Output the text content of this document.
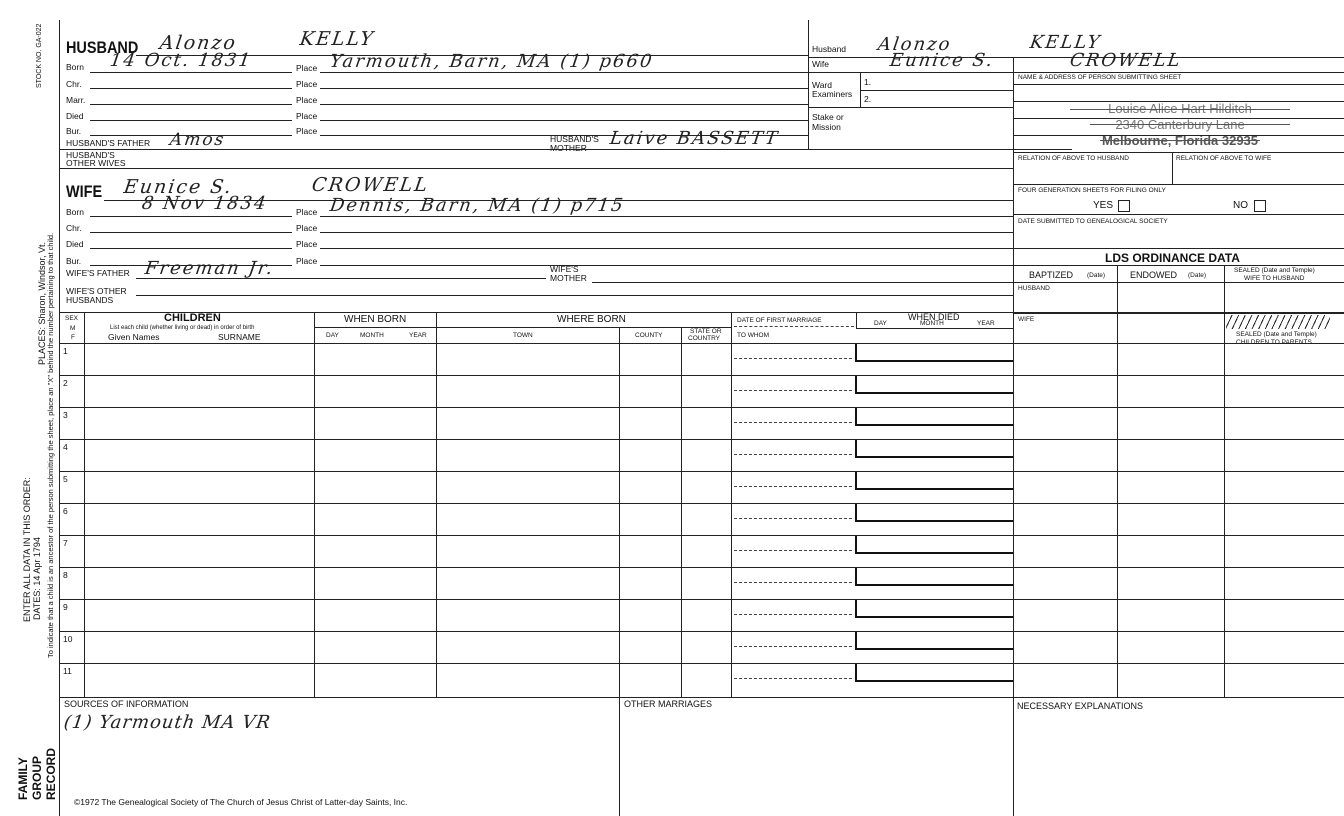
STOCK NO. GA-022
PLACES: Sharon, Windsor, Vt. To indicate that a child is an ancestor of the person submitting the sheet, place an "X" behind the number pertaining to that child.
ENTER ALL DATA IN THIS ORDER: DATES: 14 Apr 1794
FAMILY GROUP RECORD
HUSBAND Alonzo	KELLY
Born 14 Oct. 1831	Place Yarmouth, Barn, MA (1) p660
Chr.	Place
Marr.	Place
Died	Place
Bur.	Place
HUSBAND'S FATHER Amos	HUSBAND'S
MOTHER Laive BASSETT
HUSBAND'S
OTHER WIVES
WIFE Eunice S.	CROWELL
Born	8 Nov 1834	Place Dennis, Barn, MA (1) p715
Chr.	Place
Died	Place
Bur.	Place
WIFE'S FATHER Freeman Jr.	WIFE'S
MOTHER
WIFE'S OTHER
HUSBANDS
Husband Alonzo	KELLY
Wife	Eunice S.	CROWELL
Ward
Examiners
1.
2.
Stake or
Mission
NAME & ADDRESS OF PERSON SUBMITTING SHEET
Louise Alice Hart Hilditch
2340 Canterbury Lane
Melbourne, Florida 32935
RELATION OF ABOVE TO HUSBAND	RELATION OF ABOVE TO WIFE
FOUR GENERATION SHEETS FOR FILING ONLY
YES	NO
DATE SUBMITTED TO GENEALOGICAL SOCIETY
LDS ORDINANCE DATA
BAPTIZED (Date)	ENDOWED (Date)
SEALED (Date and Temple)
WIFE TO HUSBAND
HUSBAND
WIFE
SEALED (Date and Temple)
CHILDREN TO PARENTS
SEX
M
F
CHILDREN
List each child (whether living or dead) in order of birth
Given Names	SURNAME
WHEN BORN
DAY	MONTH	YEAR
WHERE BORN
TOWN	COUNTY
STATE OR
COUNTRY
DATE OF FIRST MARRIAGE
TO WHOM
DAY
WHEN DIED
MONTH	YEAR
1
2
3
4
5
6
7
8
9
10
11
SOURCES OF INFORMATION
(1) Yarmouth MA VR
OTHER MARRIAGES	NECESSARY EXPLANATIONS
©1972 The Genealogical Society of The Church of Jesus Christ of Latter-day Saints, Inc.
